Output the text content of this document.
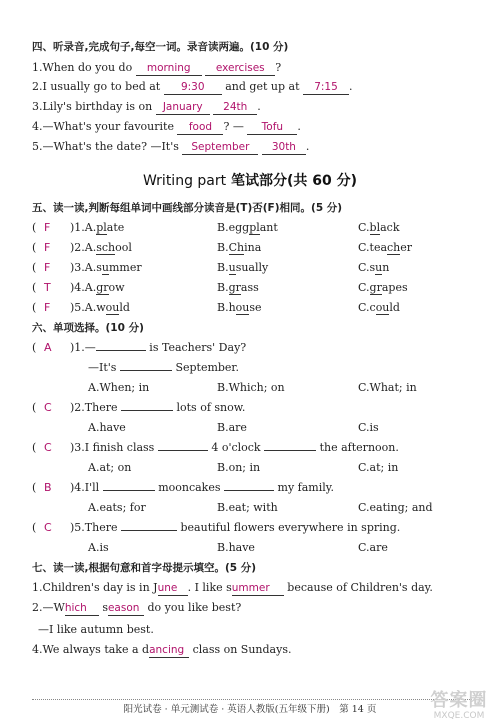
四、听录音,完成句子,每空一词。录音读两遍。(10 分)
1.When do you do morning exercises ?
2.I usually go to bed at 9:30 and get up at 7:15 .
3.Lily's birthday is on January 24th .
4.—What's your favourite food ? — Tofu .
5.—What's the date? —It's September 30th .
Writing part 笔试部分(共 60 分)
五、读一读,判断每组单词中画线部分读音是(T)否(F)相同。(5 分)
( F )1.A.plate	B.eggplant	C.black
( F )2.A.school	B.China	C.teacher
( F )3.A.summer	B.usually	C.sun
( T )4.A.grow	B.grass	C.grapes
( F )5.A.would	B.house	C.could
六、单项选择。(10 分)
( A )1.—	is Teachers' Day?
—It's	September.
A.When; in	B.Which; on	C.What; in
( C )2.There	lots of snow.
A.have	B.are	C.is
( C )3.I finish class	4 o'clock	the afternoon.
A.at; on	B.on; in	C.at; in
( B )4.I'll	mooncakes	my family.
A.eats; for	B.eat; with	C.eating; and
( C )5.There	beautiful flowers everywhere in spring.
A.is	B.have	C.are
七、读一读,根据句意和首字母提示填空。(5 分)
1.Children's day is in June . I like summer because of Children's day.
2.—Which season do you like best?
—I like autumn best.
4.We always take a dancing class on Sundays.
阳光试卷 · 单元测试卷 · 英语人教版(五年级下册)　第 14 页	答案圈
MXQE.COM
